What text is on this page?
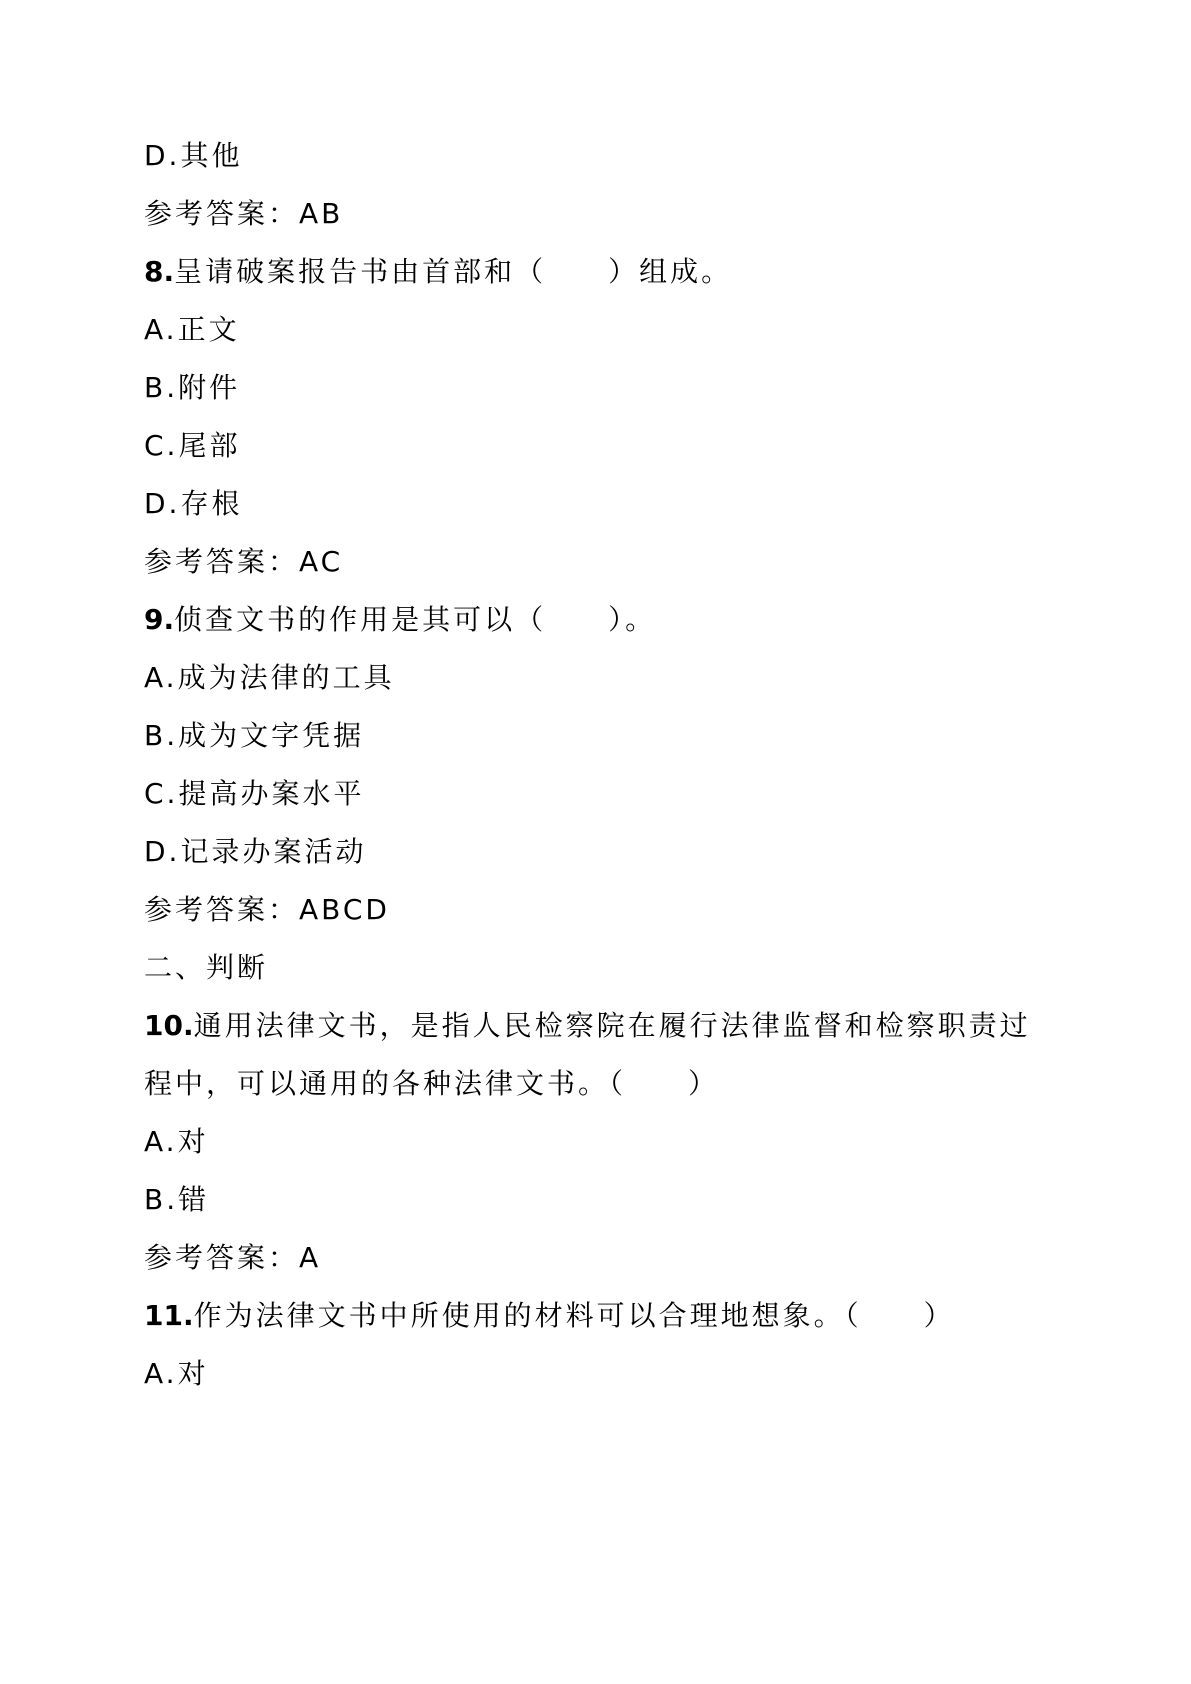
D.其他
参考答案：AB
8.呈请破案报告书由首部和（　　）组成。
A.正文
B.附件
C.尾部
D.存根
参考答案：AC
9.侦查文书的作用是其可以（　　）。
A.成为法律的工具
B.成为文字凭据
C.提高办案水平
D.记录办案活动
参考答案：ABCD
二、判断
10.通用法律文书，是指人民检察院在履行法律监督和检察职责过
程中，可以通用的各种法律文书。（　　）
A.对
B.错
参考答案：A
11.作为法律文书中所使用的材料可以合理地想象。（　　）
A.对
